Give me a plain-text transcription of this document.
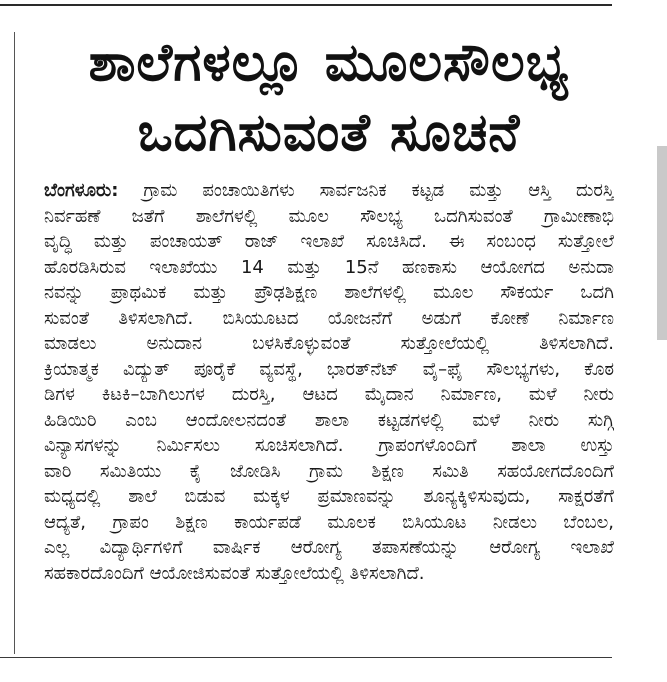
ಶಾಲೆಗಳಲ್ಲೂ ಮೂಲಸೌಲಭ್ಯ
ಒದಗಿಸುವಂತೆ ಸೂಚನೆ
ಬೆಂಗಳೂರು: ಗ್ರಾಮ ಪಂಚಾಯಿತಿಗಳು ಸಾರ್ವಜನಿಕ ಕಟ್ಟಡ ಮತ್ತು ಆಸ್ತಿ ದುರಸ್ತಿ
ನಿರ್ವಹಣೆ ಜತೆಗೆ ಶಾಲೆಗಳಲ್ಲಿ ಮೂಲ ಸೌಲಭ್ಯ ಒದಗಿಸುವಂತೆ ಗ್ರಾಮೀಣಾಭಿ
ವೃದ್ಧಿ ಮತ್ತು ಪಂಚಾಯತ್ ರಾಜ್ ಇಲಾಖೆ ಸೂಚಿಸಿದೆ. ಈ ಸಂಬಂಧ ಸುತ್ತೋಲೆ
ಹೊರಡಿಸಿರುವ ಇಲಾಖೆಯು 14 ಮತ್ತು 15ನೆ ಹಣಕಾಸು ಆಯೋಗದ ಅನುದಾ
ನವನ್ನು ಪ್ರಾಥಮಿಕ ಮತ್ತು ಪ್ರೌಢಶಿಕ್ಷಣ ಶಾಲೆಗಳಲ್ಲಿ ಮೂಲ ಸೌಕರ್ಯ ಒದಗಿ
ಸುವಂತೆ ತಿಳಿಸಲಾಗಿದೆ. ಬಿಸಿಯೂಟದ ಯೋಜನೆಗೆ ಅಡುಗೆ ಕೋಣೆ ನಿರ್ಮಾಣ
ಮಾಡಲು ಅನುದಾನ ಬಳಸಿಕೊಳ್ಳುವಂತೆ ಸುತ್ತೋಲೆಯಲ್ಲಿ ತಿಳಿಸಲಾಗಿದೆ.
ಕ್ರಿಯಾತ್ಮಕ ವಿದ್ಯುತ್ ಪೂರೈಕೆ ವ್ಯವಸ್ಥೆ, ಭಾರತ್‌ನೆಟ್ ವೈ–ಫೈ ಸೌಲಭ್ಯಗಳು, ಕೊಠ
ಡಿಗಳ ಕಿಟಕಿ–ಬಾಗಿಲುಗಳ ದುರಸ್ತಿ, ಆಟದ ಮೈದಾನ ನಿರ್ಮಾಣ, ಮಳೆ ನೀರು
ಹಿಡಿಯಿರಿ ಎಂಬ ಆಂದೋಲನದಂತೆ ಶಾಲಾ ಕಟ್ಟಡಗಳಲ್ಲಿ ಮಳೆ ನೀರು ಸುಗ್ಗಿ
ವಿನ್ಯಾಸಗಳನ್ನು ನಿರ್ಮಿಸಲು ಸೂಚಿಸಲಾಗಿದೆ. ಗ್ರಾಪಂಗಳೊಂದಿಗೆ ಶಾಲಾ ಉಸ್ತು
ವಾರಿ ಸಮಿತಿಯು ಕೈ ಜೋಡಿಸಿ ಗ್ರಾಮ ಶಿಕ್ಷಣ ಸಮಿತಿ ಸಹಯೋಗದೊಂದಿಗೆ
ಮಧ್ಯದಲ್ಲಿ ಶಾಲೆ ಬಿಡುವ ಮಕ್ಕಳ ಪ್ರಮಾಣವನ್ನು ಶೂನ್ಯಕ್ಕಿಳಿಸುವುದು, ಸಾಕ್ಷರತೆಗೆ
ಆದ್ಯತೆ, ಗ್ರಾಪಂ ಶಿಕ್ಷಣ ಕಾರ್ಯಪಡೆ ಮೂಲಕ ಬಿಸಿಯೂಟ ನೀಡಲು ಬೆಂಬಲ,
ಎಲ್ಲ ವಿದ್ಯಾರ್ಥಿಗಳಿಗೆ ವಾರ್ಷಿಕ ಆರೋಗ್ಯ ತಪಾಸಣೆಯನ್ನು ಆರೋಗ್ಯ ಇಲಾಖೆ
ಸಹಕಾರದೊಂದಿಗೆ ಆಯೋಜಿಸುವಂತೆ ಸುತ್ತೋಲೆಯಲ್ಲಿ ತಿಳಿಸಲಾಗಿದೆ.
